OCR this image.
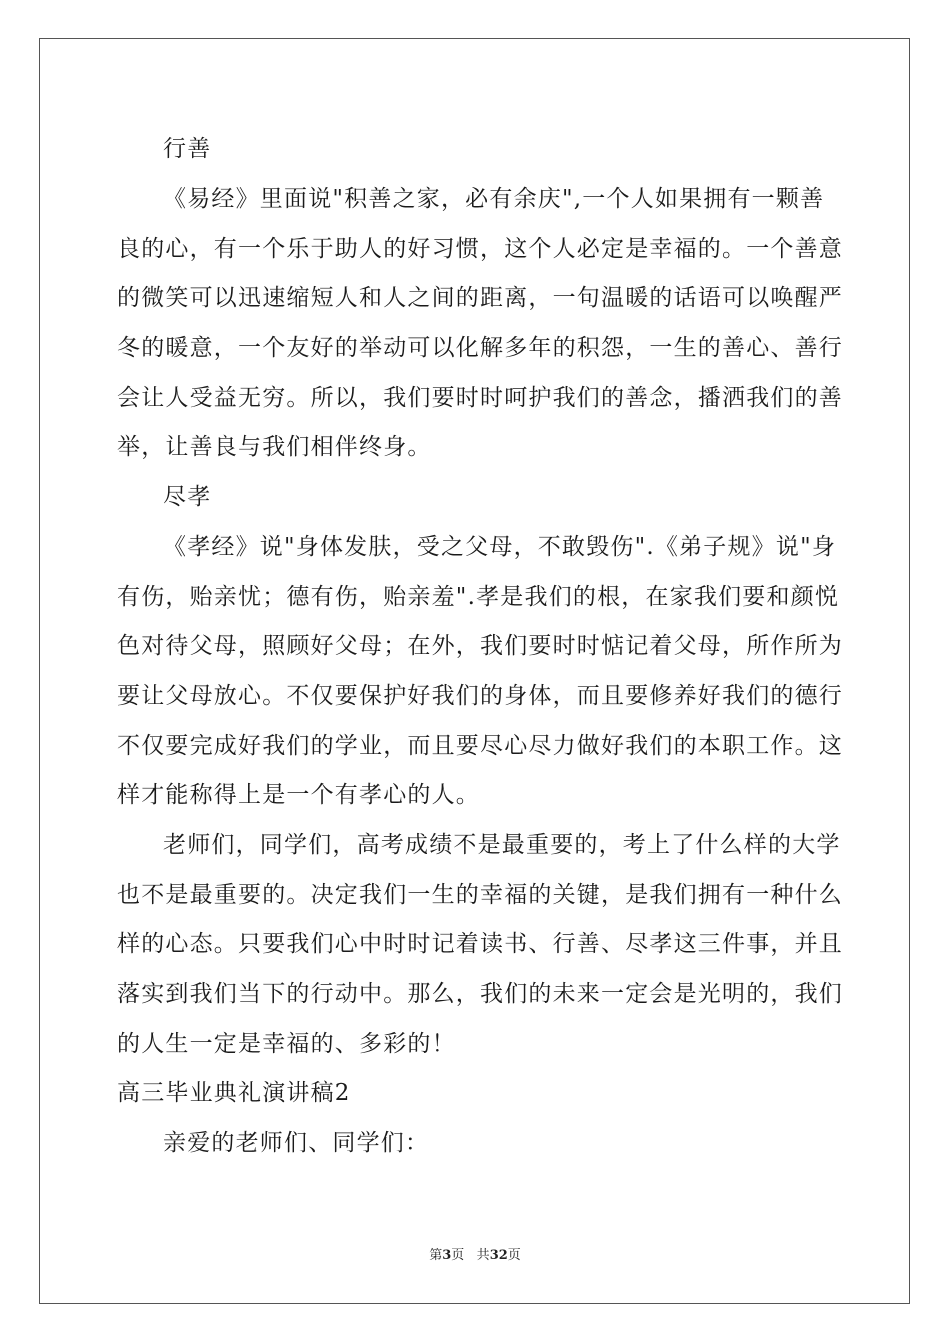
行善
《易经》里面说"积善之家，必有余庆",一个人如果拥有一颗善
良的心，有一个乐于助人的好习惯，这个人必定是幸福的。一个善意
的微笑可以迅速缩短人和人之间的距离，一句温暖的话语可以唤醒严
冬的暖意，一个友好的举动可以化解多年的积怨，一生的善心、善行
会让人受益无穷。所以，我们要时时呵护我们的善念，播洒我们的善
举，让善良与我们相伴终身。
尽孝
《孝经》说"身体发肤，受之父母，不敢毁伤".《弟子规》说"身
有伤，贻亲忧；德有伤，贻亲羞".孝是我们的根，在家我们要和颜悦
色对待父母，照顾好父母；在外，我们要时时惦记着父母，所作所为
要让父母放心。不仅要保护好我们的身体，而且要修养好我们的德行
不仅要完成好我们的学业，而且要尽心尽力做好我们的本职工作。这
样才能称得上是一个有孝心的人。
老师们，同学们，高考成绩不是最重要的，考上了什么样的大学
也不是最重要的。决定我们一生的幸福的关键，是我们拥有一种什么
样的心态。只要我们心中时时记着读书、行善、尽孝这三件事，并且
落实到我们当下的行动中。那么，我们的未来一定会是光明的，我们
的人生一定是幸福的、多彩的！
高三毕业典礼演讲稿2
亲爱的老师们、同学们：
第3页 共32页
